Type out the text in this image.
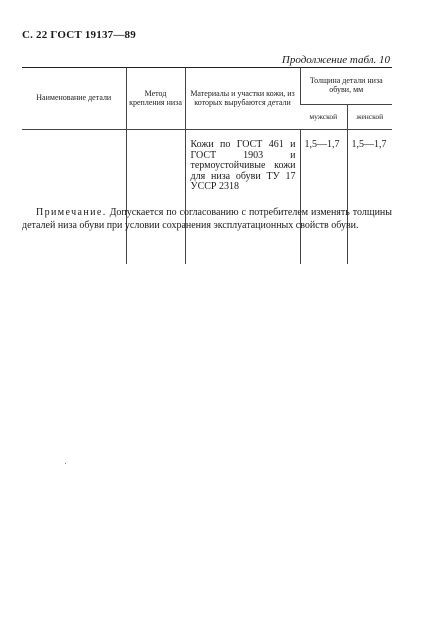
С. 22 ГОСТ 19137—89
Продолжение табл. 10
Наименование детали	Метод крепления низа	Материалы и участки кожи, из которых вырубаются детали	Толщина детали низа обуви, мм	
			мужской	женской
		Кожи по ГОСТ 461 и ГОСТ 1903 и термоустойчивые кожи для низа обуви ТУ 17 УССР 2318	1,5—1,7	1,5—1,7
Примечание. Допускается по согласованию с потребителем изменять толщины деталей низа обуви при условии сохранения эксплуатационных свойств обуви.
